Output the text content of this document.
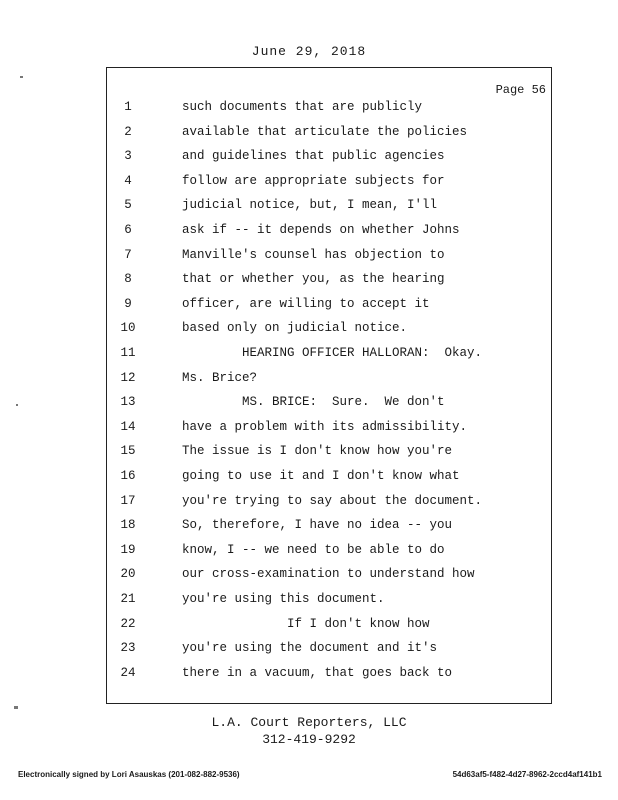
June 29, 2018
Page 56
1	such documents that are publicly
2	available that articulate the policies
3	and guidelines that public agencies
4	follow are appropriate subjects for
5	judicial notice, but, I mean, I'll
6	ask if -- it depends on whether Johns
7	Manville's counsel has objection to
8	that or whether you, as the hearing
9	officer, are willing to accept it
10	based only on judicial notice.
11	HEARING OFFICER HALLORAN:  Okay.
12	Ms. Brice?
13	MS. BRICE:  Sure.  We don't
14	have a problem with its admissibility.
15	The issue is I don't know how you're
16	going to use it and I don't know what
17	you're trying to say about the document.
18	So, therefore, I have no idea -- you
19	know, I -- we need to be able to do
20	our cross-examination to understand how
21	you're using this document.
22	If I don't know how
23	you're using the document and it's
24	there in a vacuum, that goes back to
L.A. Court Reporters, LLC
312-419-9292
Electronically signed by Lori Asauskas (201-082-882-9536)	54d63af5-f482-4d27-8962-2ccd4af141b1
